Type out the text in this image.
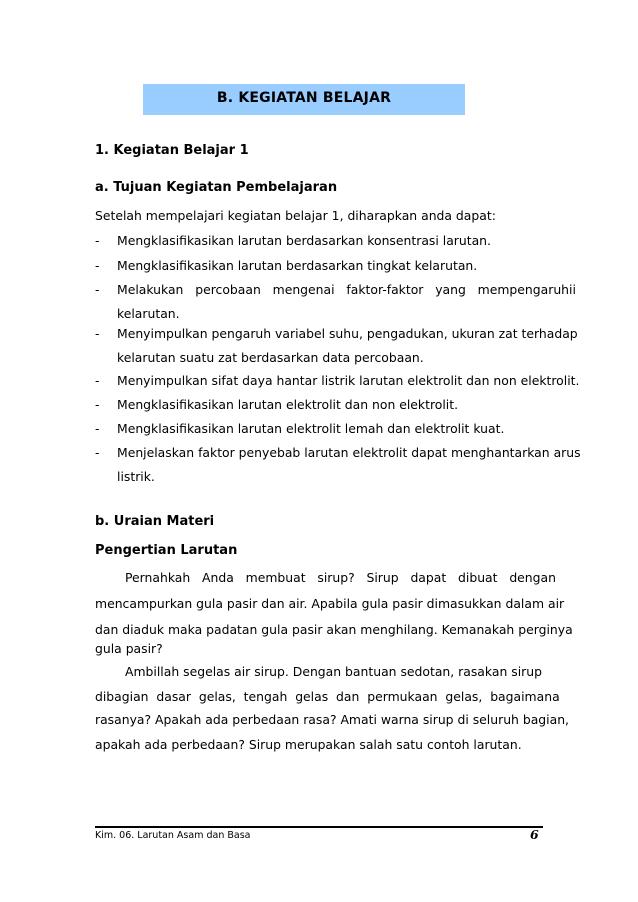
B. KEGIATAN BELAJAR
1. Kegiatan Belajar 1
a. Tujuan Kegiatan Pembelajaran
Setelah mempelajari kegiatan belajar 1, diharapkan anda dapat:
- Mengklasifikasikan larutan berdasarkan konsentrasi larutan.
- Mengklasifikasikan larutan berdasarkan tingkat kelarutan.
- Melakukan   percobaan   mengenai   faktor-faktor   yang   mempengaruhii
kelarutan.
- Menyimpulkan pengaruh variabel suhu, pengadukan, ukuran zat terhadap
kelarutan suatu zat berdasarkan data percobaan.
- Menyimpulkan sifat daya hantar listrik larutan elektrolit dan non elektrolit.
- Mengklasifikasikan larutan elektrolit dan non elektrolit.
- Mengklasifikasikan larutan elektrolit lemah dan elektrolit kuat.
- Menjelaskan faktor penyebab larutan elektrolit dapat menghantarkan arus
listrik.
b. Uraian Materi
Pengertian Larutan
Pernahkah   Anda   membuat   sirup?   Sirup   dapat   dibuat   dengan
mencampurkan gula pasir dan air. Apabila gula pasir dimasukkan dalam air
dan diaduk maka padatan gula pasir akan menghilang. Kemanakah perginya
gula pasir?
Ambillah segelas air sirup. Dengan bantuan sedotan, rasakan sirup
dibagian  dasar  gelas,  tengah  gelas  dan  permukaan  gelas,  bagaimana
rasanya? Apakah ada perbedaan rasa? Amati warna sirup di seluruh bagian,
apakah ada perbedaan? Sirup merupakan salah satu contoh larutan.
Kim. 06. Larutan Asam dan Basa	6
